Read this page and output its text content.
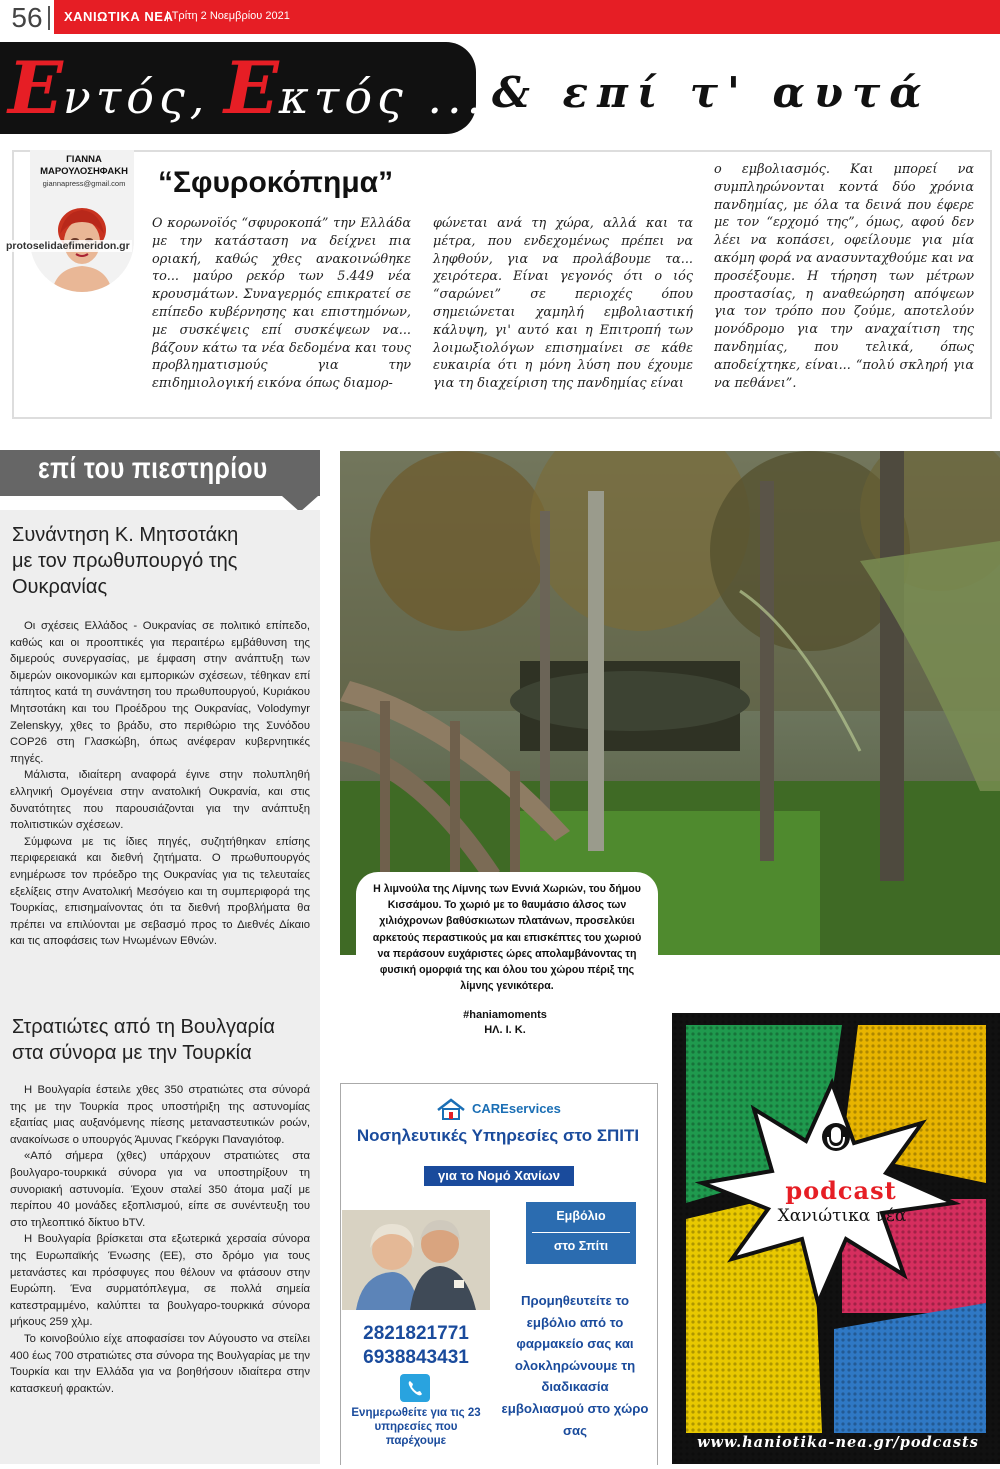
56	ΧΑΝΙΩΤΙΚΑ ΝΕΑ
| Τρίτη 2 Νοεμβρίου 2021
Εντός, Εκτός ... & επί τ' αυτά
ΓΙΑΝΝΑ ΜΑΡΟΥΛΟΣΗΦΑΚΗ
giannapress@gmail.com
protoselidaefimeridon.gr
“Σφυροκόπημα”
Ο κορωνοϊός “σφυροκοπά” την Ελλάδα με την κατάσταση να δείχνει πια οριακή, καθώς χθες ανακοινώθηκε το... μαύρο ρεκόρ των 5.449 νέα κρουσμάτων. Συναγερμός επικρατεί σε επίπεδο κυβέρνησης και επιστημόνων, με συσκέψεις επί συσκέψεων να... βάζουν κάτω τα νέα δεδομένα και τους προβληματισμούς για την επιδημιολογική εικόνα όπως διαμορ-
φώνεται ανά τη χώρα, αλλά και τα μέτρα, που ενδεχομένως πρέπει να ληφθούν, για να προλάβουμε τα... χειρότερα. Είναι γεγονός ότι ο ιός “σαρώνει” σε περιοχές όπου σημειώνεται χαμηλή εμβολιαστική κάλυψη, γι' αυτό και η Επιτροπή των λοιμωξιολόγων επισημαίνει σε κάθε ευκαιρία ότι η μόνη λύση που έχουμε για τη διαχείριση της πανδημίας είναι
ο εμβολιασμός. Και μπορεί να συμπληρώνονται κοντά δύο χρόνια πανδημίας, με όλα τα δεινά που έφερε με τον “ερχομό της”, όμως, αφού δεν λέει να κοπάσει, οφείλουμε για μία ακόμη φορά να ανασυνταχθούμε και να προσέξουμε. Η τήρηση των μέτρων προστασίας, η αναθεώρηση απόψεων για τον τρόπο που ζούμε, αποτελούν μονόδρομο για την αναχαίτιση της πανδημίας, που τελικά, όπως αποδείχτηκε, είναι... “πολύ σκληρή για να πεθάνει”.
επί του πιεστηρίου
Συνάντηση Κ. Μητσοτάκη με τον πρωθυπουργό της Ουκρανίας

Οι σχέσεις Ελλάδος - Ουκρανίας σε πολιτικό επίπεδο, καθώς και οι προοπτικές για περαιτέρω εμβάθυνση της διμερούς συνεργασίας, με έμφαση στην ανάπτυξη των διμερών οικονομικών και εμπορικών σχέσεων, τέθηκαν επί τάπητος κατά τη συνάντηση του πρωθυπουργού, Κυριάκου Μητσοτάκη και του Προέδρου της Ουκρανίας, Volodymyr Zelenskyy, χθες το βράδυ, στο περιθώριο της Συνόδου COP26 στη Γλασκώβη, όπως ανέφεραν κυβερνητικές πηγές.

Μάλιστα, ιδιαίτερη αναφορά έγινε στην πολυπληθή ελληνική Ομογένεια στην ανατολική Ουκρανία, και στις δυνατότητες που παρουσιάζονται για την ανάπτυξη πολιτιστικών σχέσεων.

Σύμφωνα με τις ίδιες πηγές, συζητήθηκαν επίσης περιφερειακά και διεθνή ζητήματα. Ο πρωθυπουργός ενημέρωσε τον πρόεδρο της Ουκρανίας για τις τελευταίες εξελίξεις στην Ανατολική Μεσόγειο και τη συμπεριφορά της Τουρκίας, επισημαίνοντας ότι τα διεθνή προβλήματα θα πρέπει να επιλύονται με σεβασμό προς το Διεθνές Δίκαιο και τις αποφάσεις των Ηνωμένων Εθνών.

Στρατιώτες από τη Βουλγαρία στα σύνορα με την Τουρκία

Η Βουλγαρία έστειλε χθες 350 στρατιώτες στα σύνορά της με την Τουρκία προς υποστήριξη της αστυνομίας εξαιτίας μιας αυξανόμενης πίεσης μεταναστευτικών ροών, ανακοίνωσε ο υπουργός Άμυνας Γκεόργκι Παναγιότοφ.

«Από σήμερα (χθες) υπάρχουν στρατιώτες στα βουλγαρο-τουρκικά σύνορα για να υποστηρίξουν τη συνοριακή αστυνομία. Έχουν σταλεί 350 άτομα μαζί με περίπου 40 μονάδες εξοπλισμού, είπε σε συνέντευξη του στο τηλεοπτικό δίκτυο bTV.

Η Βουλγαρία βρίσκεται στα εξωτερικά χερσαία σύνορα της Ευρωπαϊκής Ένωσης (ΕΕ), στο δρόμο για τους μετανάστες και πρόσφυγες που θέλουν να φτάσουν στην Ευρώπη. Ένα συρματόπλεγμα, σε πολλά σημεία κατεστραμμένο, καλύπτει τα βουλγαρο-τουρκικά σύνορα μήκους 259 χλμ.

Το κοινοβούλιο είχε αποφασίσει τον Αύγουστο να στείλει 400 έως 700 στρατιώτες στα σύνορα της Βουλγαρίας με την Τουρκία και την Ελλάδα για να βοηθήσουν ιδιαίτερα στην κατασκευή φρακτών.

Η λιμνούλα της Λίμνης των Εννιά Χωριών, του δήμου Κισσάμου. Το χωριό με το θαυμάσιο άλσος των χιλιόχρονων βαθύσκιωτων πλατάνων, προσελκύει αρκετούς περαστικούς μα και επισκέπτες του χωριού να περάσουν ευχάριστες ώρες απολαμβάνοντας τη φυσική ομορφιά της και όλου του χώρου πέριξ της λίμνης γενικότερα.
#haniamoments
ΗΛ. Ι. Κ.
CAREservices
Νοσηλευτικές Υπηρεσίες στο ΣΠΙΤΙ
για το Νομό Χανίων
Εμβόλιο
στο Σπίτι
2821821771
6938843431
Ενημερωθείτε για τις 23 υπηρεσίες που παρέχουμε
Προμηθευτείτε το εμβόλιο από το φαρμακείο σας και ολοκληρώνουμε τη διαδικασία εμβολιασμού στο χώρο σας
podcast
Χανιώτικα νέα
www.haniotika-nea.gr/podcasts
